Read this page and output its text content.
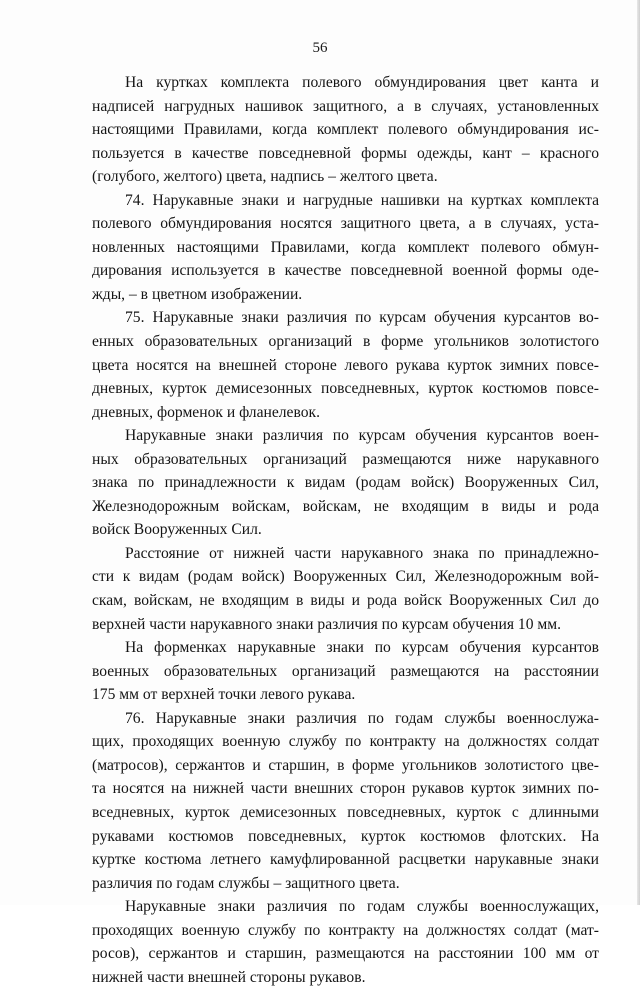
56
На куртках комплекта полевого обмундирования цвет канта и
надписей нагрудных нашивок защитного, а в случаях, установленных
настоящими Правилами, когда комплект полевого обмундирования ис-
пользуется в качестве повседневной формы одежды, кант – красного
(голубого, желтого) цвета, надпись – желтого цвета.
74. Нарукавные знаки и нагрудные нашивки на куртках комплекта
полевого обмундирования носятся защитного цвета, а в случаях, уста-
новленных настоящими Правилами, когда комплект полевого обмун-
дирования используется в качестве повседневной военной формы оде-
жды, – в цветном изображении.
75. Нарукавные знаки различия по курсам обучения курсантов во-
енных образовательных организаций в форме угольников золотистого
цвета носятся на внешней стороне левого рукава курток зимних повсе-
дневных, курток демисезонных повседневных, курток костюмов повсе-
дневных, форменок и фланелевок.
Нарукавные знаки различия по курсам обучения курсантов воен-
ных образовательных организаций размещаются ниже нарукавного
знака по принадлежности к видам (родам войск) Вооруженных Сил,
Железнодорожным войскам, войскам, не входящим в виды и рода
войск Вооруженных Сил.
Расстояние от нижней части нарукавного знака по принадлежно-
сти к видам (родам войск) Вооруженных Сил, Железнодорожным вой-
скам, войскам, не входящим в виды и рода войск Вооруженных Сил до
верхней части нарукавного знаки различия по курсам обучения 10 мм.
На форменках нарукавные знаки по курсам обучения курсантов
военных образовательных организаций размещаются на расстоянии
175 мм от верхней точки левого рукава.
76. Нарукавные знаки различия по годам службы военнослужа-
щих, проходящих военную службу по контракту на должностях солдат
(матросов), сержантов и старшин, в форме угольников золотистого цве-
та носятся на нижней части внешних сторон рукавов курток зимних по-
вседневных, курток демисезонных повседневных, курток с длинными
рукавами костюмов повседневных, курток костюмов флотских. На
куртке костюма летнего камуфлированной расцветки нарукавные знаки
различия по годам службы – защитного цвета.
Нарукавные знаки различия по годам службы военнослужащих,
проходящих военную службу по контракту на должностях солдат (мат-
росов), сержантов и старшин, размещаются на расстоянии 100 мм от
нижней части внешней стороны рукавов.
